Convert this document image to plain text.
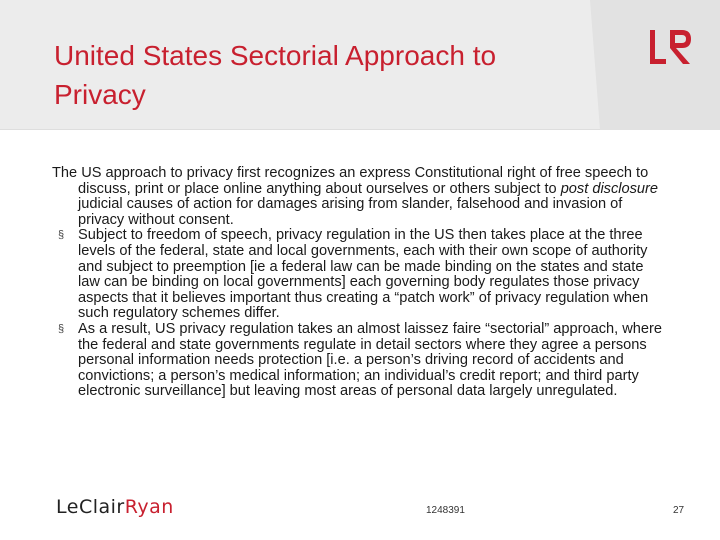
United States Sectorial Approach to Privacy

The US approach to privacy first recognizes an express Constitutional right of free speech to discuss, print or place online anything about ourselves or others subject to post disclosure judicial causes of action for damages arising from slander, falsehood and invasion of privacy without consent.

§ Subject to freedom of speech, privacy regulation in the US then takes place at the three levels of the federal, state and local governments, each with their own scope of authority and subject to preemption [ie a federal law can be made binding on the states and state law can be binding on local governments] each governing body regulates those privacy aspects that it believes important thus creating a “patch work” of privacy regulation when such regulatory schemes differ.

§ As a result, US privacy regulation takes an almost laissez faire “sectorial” approach, where the federal and state governments regulate in detail sectors where they agree a persons personal information needs protection [i.e. a person’s driving record of accidents and convictions; a person’s medical information; an individual’s credit report; and third party electronic surveillance] but leaving most areas of personal data largely unregulated.

LeClairRyan	1248391	27
